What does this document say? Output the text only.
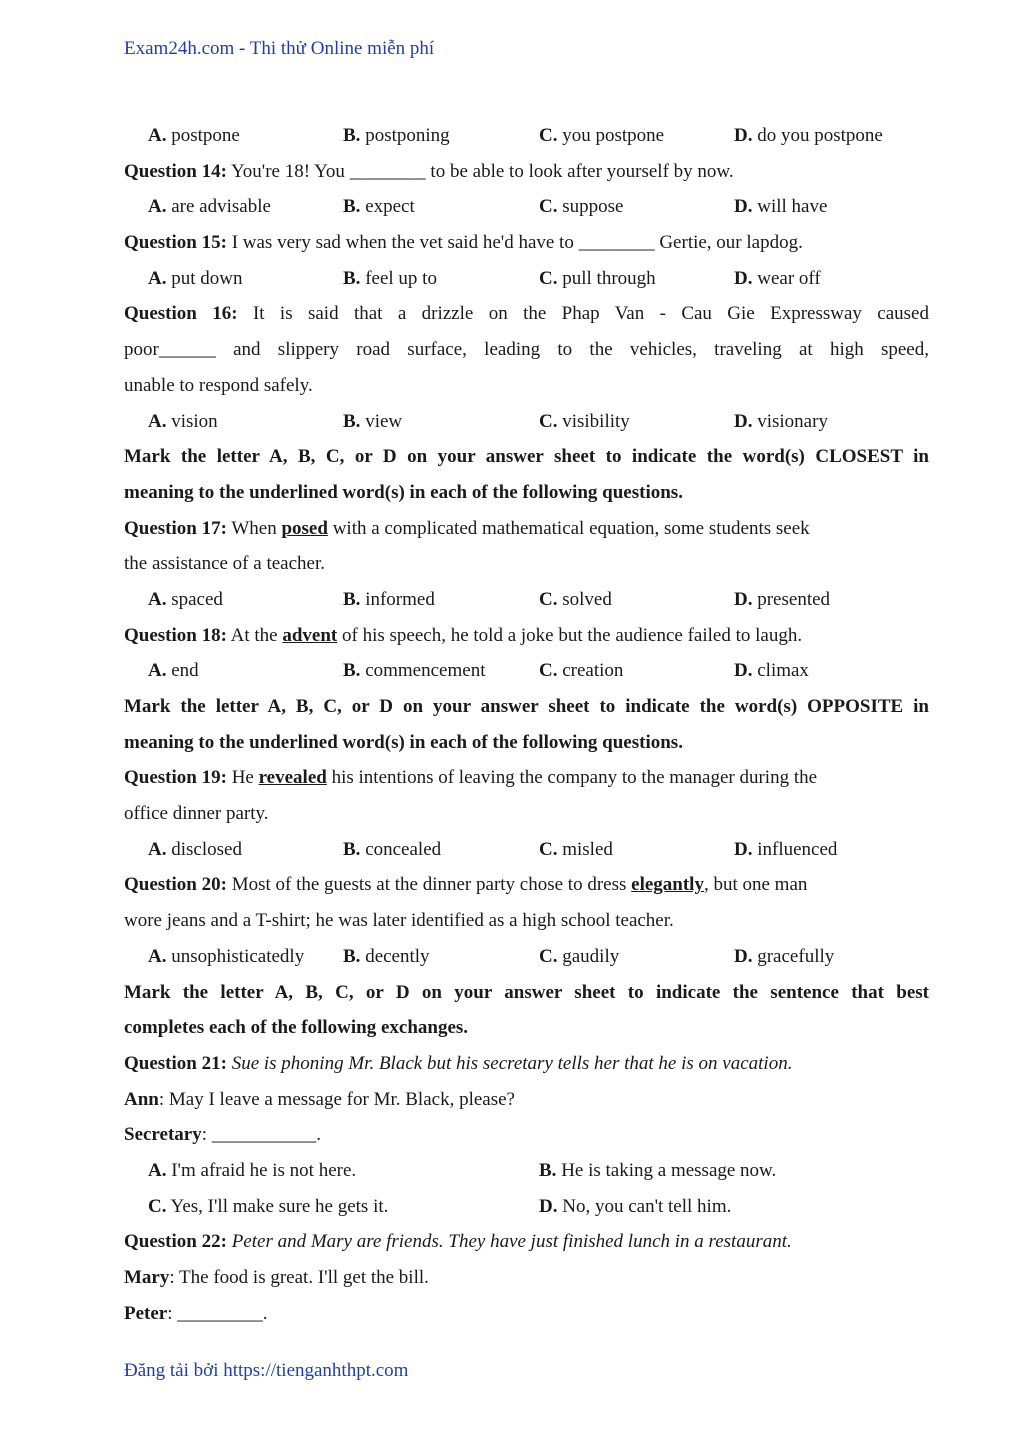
Exam24h.com - Thi thử Online miễn phí
A. postpone	B. postponing	C. you postpone	D. do you postpone
Question 14: You're 18! You ________ to be able to look after yourself by now.
A. are advisable	B. expect	C. suppose	D. will have
Question 15: I was very sad when the vet said he'd have to ________ Gertie, our lapdog.
A. put down	B. feel up to	C. pull through	D. wear off
Question 16: It is said that a drizzle on the Phap Van - Cau Gie Expressway caused
poor______ and slippery road surface, leading to the vehicles, traveling at high speed,
unable to respond safely.
A. vision	B. view	C. visibility	D. visionary
Mark the letter A, B, C, or D on your answer sheet to indicate the word(s) CLOSEST in
meaning to the underlined word(s) in each of the following questions.
Question 17: When posed with a complicated mathematical equation, some students seek
the assistance of a teacher.
A. spaced	B. informed	C. solved	D. presented
Question 18: At the advent of his speech, he told a joke but the audience failed to laugh.
A. end	B. commencement	C. creation	D. climax
Mark the letter A, B, C, or D on your answer sheet to indicate the word(s) OPPOSITE in
meaning to the underlined word(s) in each of the following questions.
Question 19: He revealed his intentions of leaving the company to the manager during the
office dinner party.
A. disclosed	B. concealed	C. misled	D. influenced
Question 20: Most of the guests at the dinner party chose to dress elegantly, but one man
wore jeans and a T-shirt; he was later identified as a high school teacher.
A. unsophisticatedly B. decently	C. gaudily	D. gracefully
Mark the letter A, B, C, or D on your answer sheet to indicate the sentence that best
completes each of the following exchanges.
Question 21: Sue is phoning Mr. Black but his secretary tells her that he is on vacation.
Ann: May I leave a message for Mr. Black, please?
Secretary: ___________.
A. I'm afraid he is not here.	B. He is taking a message now.
C. Yes, I'll make sure he gets it.	D. No, you can't tell him.
Question 22: Peter and Mary are friends. They have just finished lunch in a restaurant.
Mary: The food is great. I'll get the bill.
Peter: _________.
Đăng tải bởi https://tienganhthpt.com
